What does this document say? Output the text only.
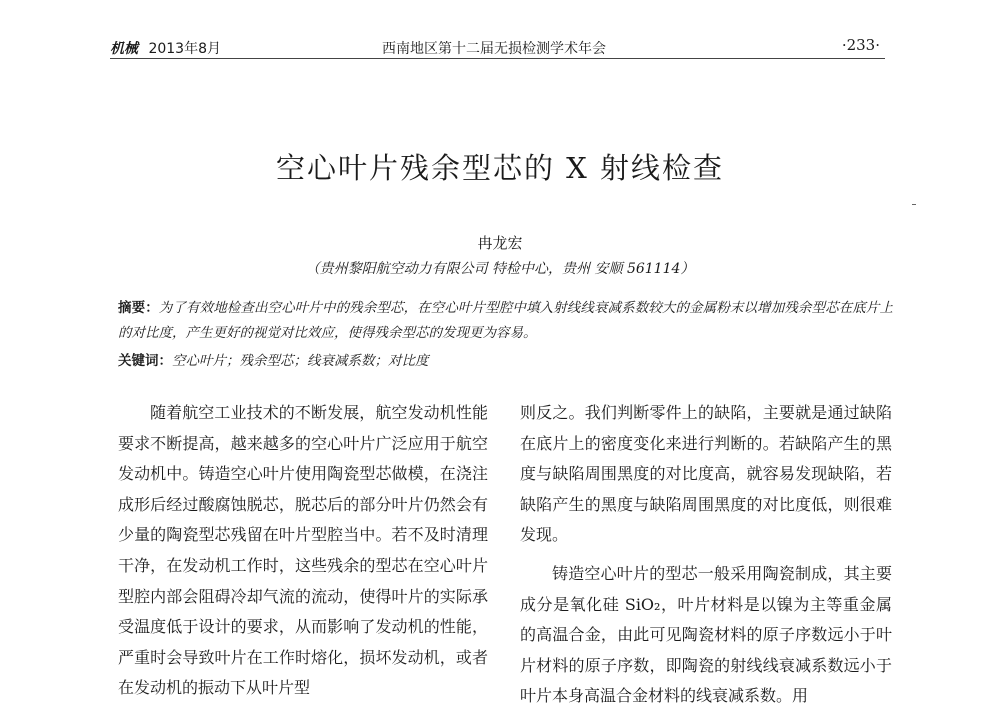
机械 2013年8月	西南地区第十二届无损检测学术年会	·233·
空心叶片残余型芯的 X 射线检查
冉龙宏
（贵州黎阳航空动力有限公司 特检中心，贵州 安顺 561114）
摘要：为了有效地检查出空心叶片中的残余型芯，在空心叶片型腔中填入射线线衰减系数较大的金属粉末以增加残余型芯在底片上的对比度，产生更好的视觉对比效应，使得残余型芯的发现更为容易。
关键词：空心叶片；残余型芯；线衰减系数；对比度

随着航空工业技术的不断发展，航空发动机性能要求不断提高，越来越多的空心叶片广泛应用于航空发动机中。铸造空心叶片使用陶瓷型芯做模，在浇注成形后经过酸腐蚀脱芯，脱芯后的部分叶片仍然会有少量的陶瓷型芯残留在叶片型腔当中。若不及时清理干净，在发动机工作时，这些残余的型芯在空心叶片型腔内部会阻碍冷却气流的流动，使得叶片的实际承受温度低于设计的要求，从而影响了发动机的性能，严重时会导致叶片在工作时熔化，损坏发动机，或者在发动机的振动下从叶片型

则反之。我们判断零件上的缺陷，主要就是通过缺陷在底片上的密度变化来进行判断的。若缺陷产生的黑度与缺陷周围黑度的对比度高，就容易发现缺陷，若缺陷产生的黑度与缺陷周围黑度的对比度低，则很难发现。

铸造空心叶片的型芯一般采用陶瓷制成，其主要成分是氧化硅 SiO₂，叶片材料是以镍为主等重金属的高温合金，由此可见陶瓷材料的原子序数远小于叶片材料的原子序数，即陶瓷的射线线衰减系数远小于叶片本身高温合金材料的线衰减系数。用
